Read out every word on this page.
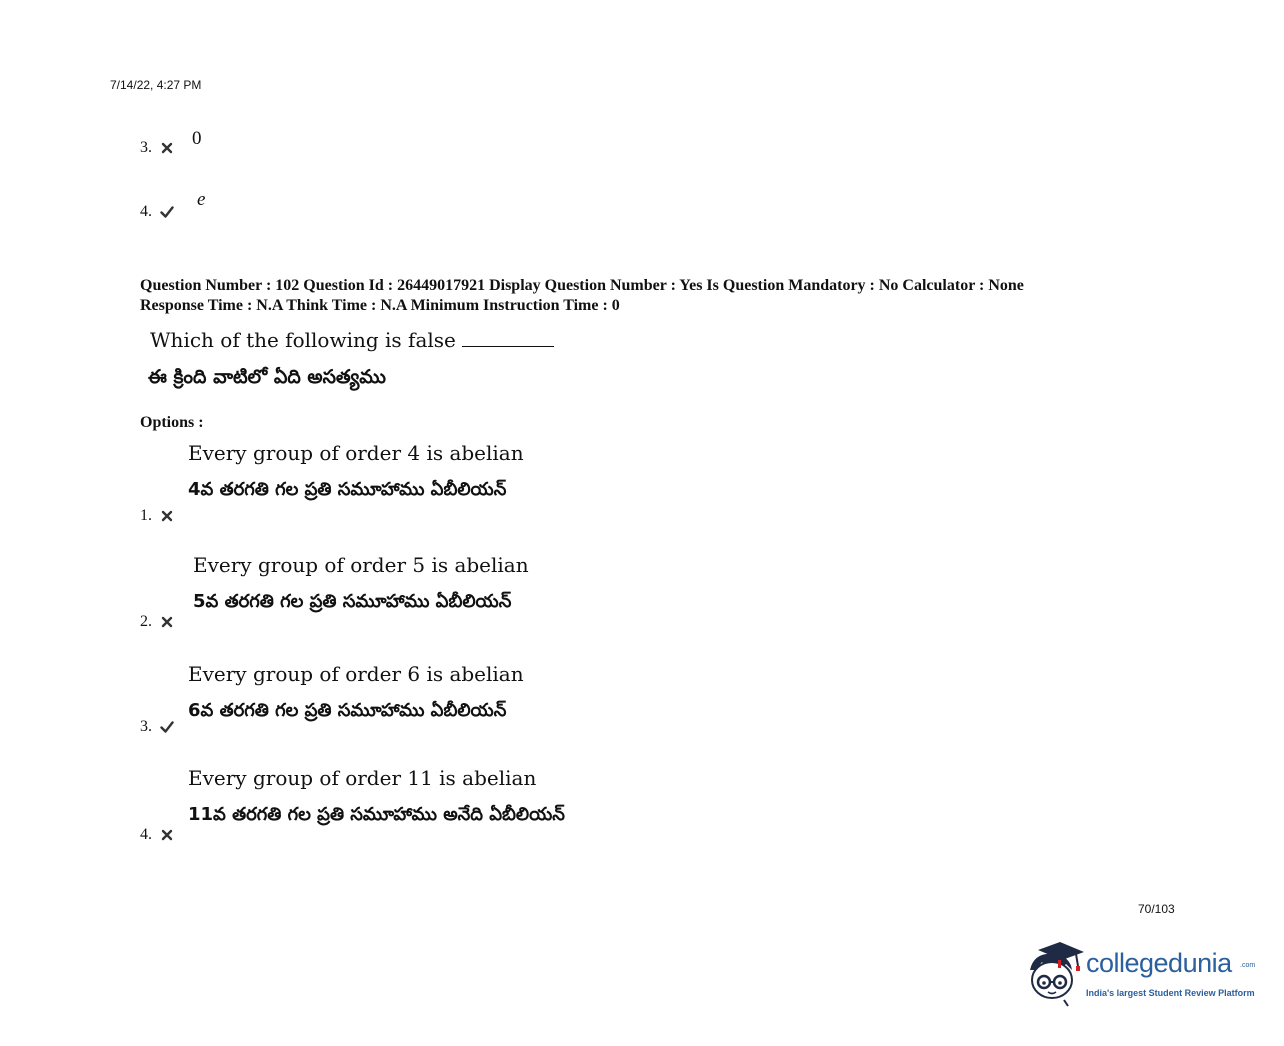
7/14/22, 4:27 PM
3.	0
4.
e
Question Number : 102 Question Id : 26449017921 Display Question Number : Yes Is Question Mandatory : No Calculator : None
Response Time : N.A Think Time : N.A Minimum Instruction Time : 0
Which of the following is false
ఈ క్రింది వాటిలో ఏది అసత్యము
Options :
Every group of order 4 is abelian
4వ తరగతి గల ప్రతి సమూహాము ఏబీలియన్
1.
Every group of order 5 is abelian
5వ తరగతి గల ప్రతి సమూహాము ఏబీలియన్
2.
Every group of order 6 is abelian
6వ తరగతి గల ప్రతి సమూహాము ఏబీలియన్
3.
Every group of order 11 is abelian
11వ తరగతి గల ప్రతి సమూహాము అనేది ఏబీలియన్
4.
70/103
collegedunia .com
India's largest Student Review Platform
